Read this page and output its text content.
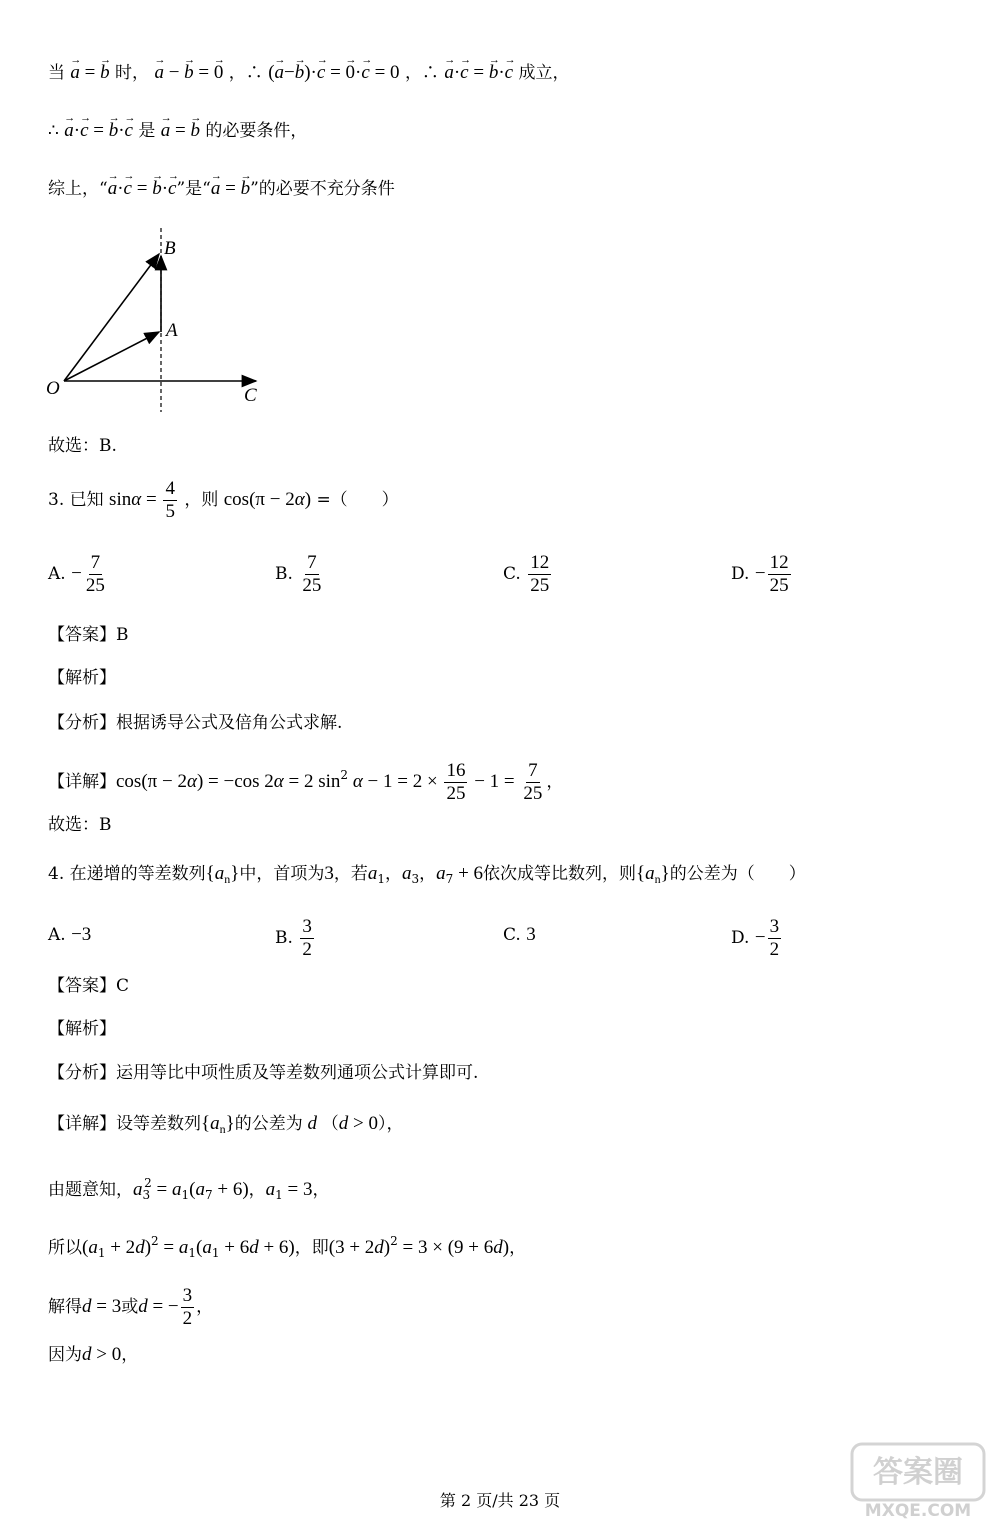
当 → a = → b 时， → a − → b = → 0 ，∴ (→ a−→ b)·→ c = → 0·→ c = 0 ，∴ → a·→ c = → b·→ c 成立，
∴ → a·→ c = → b·→ c 是 → a = → b 的必要条件，
综上，“→ a·→ c = → b·→ c”是“→ a = → b”的必要不充分条件
O
A
B
C
故选：B.
3. 已知 $\sin\alpha = \frac{4}{5}$ ，则 cos(π − 2α) =（　　）
A. − $\frac{7}{25}$	B. $\frac{7}{25}$	C. $\frac{12}{25}$	D. − $\frac{12}{25}$
【答案】B
【解析】
【分析】根据诱导公式及倍角公式求解.
【详解】cos(π − 2α) = −cos 2α = 2 $\sin^2 \alpha - 1 = 2 \times \frac{16}{25} - 1 = \frac{7}{25}$ ，
故选：B
4. 在递增的等差数列$\{a_n\}$中，首项为3，若$a_1$，$a_3$，$a_7 + 6$依次成等比数列，则$\{a_n\}$的公差为（　　）
A. −3	B. $\frac{3}{2}$	C. 3	D. − $\frac{3}{2}$
【答案】C
【解析】
【分析】运用等比中项性质及等差数列通项公式计算即可.
【详解】设等差数列$\{a_n\}$的公差为 d （d > 0），
由题意知，$a_3^2 = a_1(a_7 + 6)$，$a_1 = 3$，
所以$(a_1 + 2d)^2 = a_1(a_1 + 6d + 6)$，即$(3 + 2d)^2 = 3 \times (9 + 6d)$，
解得d = 3或d = − $\frac{3}{2}$ ，
因为d > 0，
答案圈
MXQE.COM
第 2 页/共 23 页
